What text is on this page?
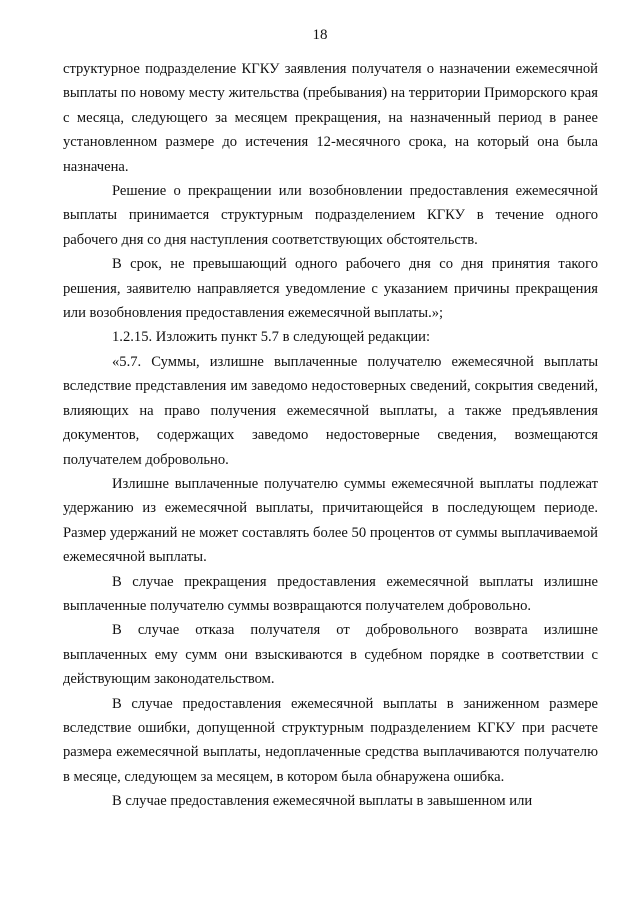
18

структурное подразделение КГКУ заявления получателя о назначении ежемесячной выплаты по новому месту жительства (пребывания) на территории Приморского края с месяца, следующего за месяцем прекращения, на назначенный период в ранее установленном размере до истечения 12-месячного срока, на который она была назначена.

Решение о прекращении или возобновлении предоставления ежемесячной выплаты принимается структурным подразделением КГКУ в течение одного рабочего дня со дня наступления соответствующих обстоятельств.

В срок, не превышающий одного рабочего дня со дня принятия такого решения, заявителю направляется уведомление с указанием причины прекращения или возобновления предоставления ежемесячной выплаты.»;

1.2.15. Изложить пункт 5.7 в следующей редакции:

«5.7. Суммы, излишне выплаченные получателю ежемесячной выплаты вследствие представления им заведомо недостоверных сведений, сокрытия сведений, влияющих на право получения ежемесячной выплаты, а также предъявления документов, содержащих заведомо недостоверные сведения, возмещаются получателем добровольно.

Излишне выплаченные получателю суммы ежемесячной выплаты подлежат удержанию из ежемесячной выплаты, причитающейся в последующем периоде. Размер удержаний не может составлять более 50 процентов от суммы выплачиваемой ежемесячной выплаты.

В случае прекращения предоставления ежемесячной выплаты излишне выплаченные получателю суммы возвращаются получателем добровольно.

В случае отказа получателя от добровольного возврата излишне выплаченных ему сумм они взыскиваются в судебном порядке в соответствии с действующим законодательством.

В случае предоставления ежемесячной выплаты в заниженном размере вследствие ошибки, допущенной структурным подразделением КГКУ при расчете размера ежемесячной выплаты, недоплаченные средства выплачиваются получателю в месяце, следующем за месяцем, в котором была обнаружена ошибка.

В случае предоставления ежемесячной выплаты в завышенном или
